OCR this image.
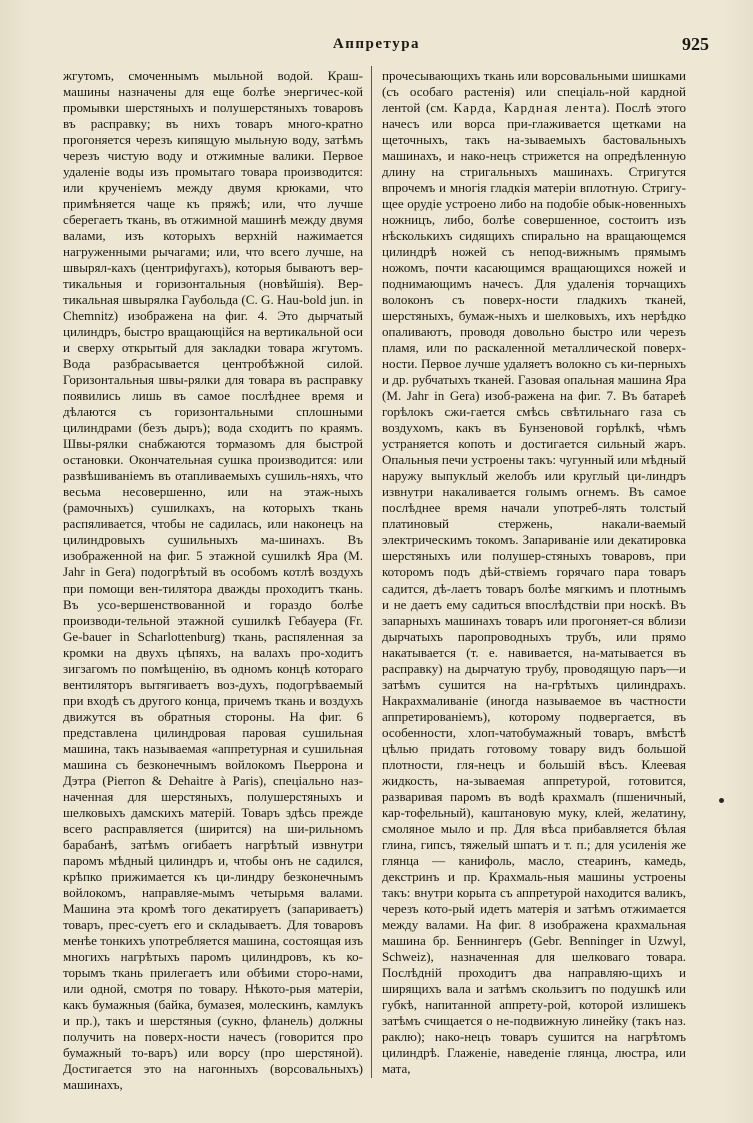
Аппретура	925

жгутомъ, смоченнымъ мыльной водой. Краш-машины назначены для еще болѣе энергичес-кой промывки шерстяныхъ и полушерстяныхъ товаровъ въ расправку; въ нихъ товаръ много-кратно прогоняется черезъ кипящую мыльную воду, затѣмъ черезъ чистую воду и отжимные валики. Первое удаленіе воды изъ промытаго товара производится: или крученіемъ между двумя крюками, что примѣняется чаще къ пряжѣ; или, что лучше сберегаетъ ткань, въ отжимной машинѣ между двумя валами, изъ которыхъ верхній нажимается нагруженными рычагами; или, что всего лучше, на швырял-кахъ (центрифугахъ), которыя бываютъ вер-тикальныя и горизонтальныя (новѣйшія). Вер-тикальная швырялка Гаубольда (C. G. Hau-bold jun. in Chemnitz) изображена на фиг. 4. Это дырчатый цилиндръ, быстро вращающійся на вертикальной оси и сверху открытый для закладки товара жгутомъ. Вода разбрасывается центробѣжной силой. Горизонтальныя швы-рялки для товара въ расправку появились лишь въ самое послѣднее время и дѣлаются съ горизонтальными сплошными цилиндрами (безъ дыръ); вода сходитъ по краямъ. Швы-рялки снабжаются тормазомъ для быстрой остановки. Окончательная сушка производится: или развѣшиваніемъ въ отапливаемыхъ сушиль-няхъ, что весьма несовершенно, или на этаж-ныхъ (рамочныхъ) сушилкахъ, на которыхъ ткань распяливается, чтобы не садилась, или наконецъ на цилиндровыхъ сушильныхъ ма-шинахъ. Въ изображенной на фиг. 5 этажной сушилкѣ Яра (M. Jahr in Gera) подогрѣтый въ особомъ котлѣ воздухъ при помощи вен-тилятора дважды проходитъ ткань. Въ усо-вершенствованной и гораздо болѣе производи-тельной этажной сушилкѣ Гебауера (Fr. Ge-bauer in Scharlottenburg) ткань, распяленная за кромки на двухъ цѣпяхъ, на валахъ про-ходитъ зигзагомъ по помѣщенію, въ одномъ концѣ котораго вентиляторъ вытягиваетъ воз-духъ, подогрѣваемый при входѣ съ другого конца, причемъ ткань и воздухъ движутся въ обратныя стороны. На фиг. 6 представлена цилиндровая паровая сушильная машина, такъ называемая «аппретурная и сушильная машина съ безконечнымъ войлокомъ Пьеррона и Дэтра (Pierron & Dehaitre à Paris), спеціально наз-наченная для шерстяныхъ, полушерстяныхъ и шелковыхъ дамскихъ матерій. Товаръ здѣсь прежде всего расправляется (ширится) на ши-рильномъ барабанѣ, затѣмъ огибаетъ нагрѣтый извнутри паромъ мѣдный цилиндръ и, чтобы онъ не садился, крѣпко прижимается къ ци-линдру безконечнымъ войлокомъ, направляе-мымъ четырьмя валами. Машина эта кромѣ того декатируетъ (запариваетъ) товаръ, прес-суетъ его и складываетъ. Для товаровъ менѣе тонкихъ употребляется машина, состоящая изъ многихъ нагрѣтыхъ паромъ цилиндровъ, къ ко-торымъ ткань прилегаетъ или обѣими сторо-нами, или одной, смотря по товару. Нѣкото-рыя матеріи, какъ бумажныя (байка, бумазея, молескинъ, камлукъ и пр.), такъ и шерстяныя (сукно, фланель) должны получить на поверх-ности начесъ (говорится про бумажный то-варъ) или ворсу (про шерстяной). Достигается это на нагонныхъ (ворсовальныхъ) машинахъ,

прочесывающихъ ткань или ворсовальными шишками (съ особаго растенія) или спеціаль-ной кардной лентой (см. Карда, Кардная лента). Послѣ этого начесъ или ворса при-глаживается щетками на щеточныхъ, такъ на-зываемыхъ бастовальныхъ машинахъ, и нако-нецъ стрижется на опредѣленную длину на стригальныхъ машинахъ. Стригутся впрочемъ и многія гладкія матеріи вплотную. Стригу-щее орудіе устроено либо на подобіе обык-новенныхъ ножницъ, либо, болѣе совершенное, состоитъ изъ нѣсколькихъ сидящихъ спирально на вращающемся цилиндрѣ ножей съ непод-вижнымъ прямымъ ножомъ, почти касающимся вращающихся ножей и поднимающимъ начесъ. Для удаленія торчащихъ волоконъ съ поверх-ности гладкихъ тканей, шерстяныхъ, бумаж-ныхъ и шелковыхъ, ихъ нерѣдко опаливаютъ, проводя довольно быстро или черезъ пламя, или по раскаленной металлической поверх-ности. Первое лучше удаляетъ волокно съ ки-перныхъ и др. рубчатыхъ тканей. Газовая опальная машина Яра (M. Jahr in Gera) изоб-ражена на фиг. 7. Въ батареѣ горѣлокъ сжи-гается смѣсь свѣтильнаго газа съ воздухомъ, какъ въ Бунзеновой горѣлкѣ, чѣмъ устраняется копоть и достигается сильный жаръ. Опальныя печи устроены такъ: чугунный или мѣдный наружу выпуклый желобъ или круглый ци-линдръ извнутри накаливается голымъ огнемъ. Въ самое послѣднее время начали употреб-лять толстый платиновый стержень, накали-ваемый электрическимъ токомъ. Запариваніе или декатировка шерстяныхъ или полушер-стяныхъ товаровъ, при которомъ подъ дѣй-ствіемъ горячаго пара товаръ садится, дѣ-лаетъ товаръ болѣе мягкимъ и плотнымъ и не даетъ ему садиться впослѣдствіи при носкѣ. Въ запарныхъ машинахъ товаръ или прогоняет-ся вблизи дырчатыхъ паропроводныхъ трубъ, или прямо накатывается (т. е. навивается, на-матывается въ расправку) на дырчатую трубу, проводящую паръ—и затѣмъ сушится на на-грѣтыхъ цилиндрахъ. Накрахмаливаніе (иногда называемое въ частности аппретированіемъ), которому подвергается, въ особенности, хлоп-чатобумажный товаръ, вмѣстѣ цѣлью придать готовому товару видъ большой плотности, гля-нецъ и большій вѣсъ. Клеевая жидкость, на-зываемая аппретурой, готовится, разваривая паромъ въ водѣ крахмалъ (пшеничный, кар-тофельный), каштановую муку, клей, желатину, смоляное мыло и пр. Для вѣса прибавляется бѣлая глина, гипсъ, тяжелый шпатъ и т. п.; для усиленія же глянца — канифоль, масло, стеаринъ, камедь, декстринъ и пр. Крахмаль-ныя машины устроены такъ: внутри корыта съ аппретурой находится валикъ, черезъ кото-рый идетъ матерія и затѣмъ отжимается между валами. На фиг. 8 изображена крахмальная машина бр. Беннингеръ (Gebr. Benninger in Uzwyl, Schweiz), назначенная для шелковаго товара. Послѣдній проходитъ два направляю-щихъ и ширящихъ вала и затѣмъ скользитъ по подушкѣ или губкѣ, напитанной аппрету-рой, которой излишекъ затѣмъ счищается о не-подвижную линейку (такъ наз. раклю); нако-нецъ товаръ сушится на нагрѣтомъ цилиндрѣ. Глаженіе, наведеніе глянца, люстра, или мата,
